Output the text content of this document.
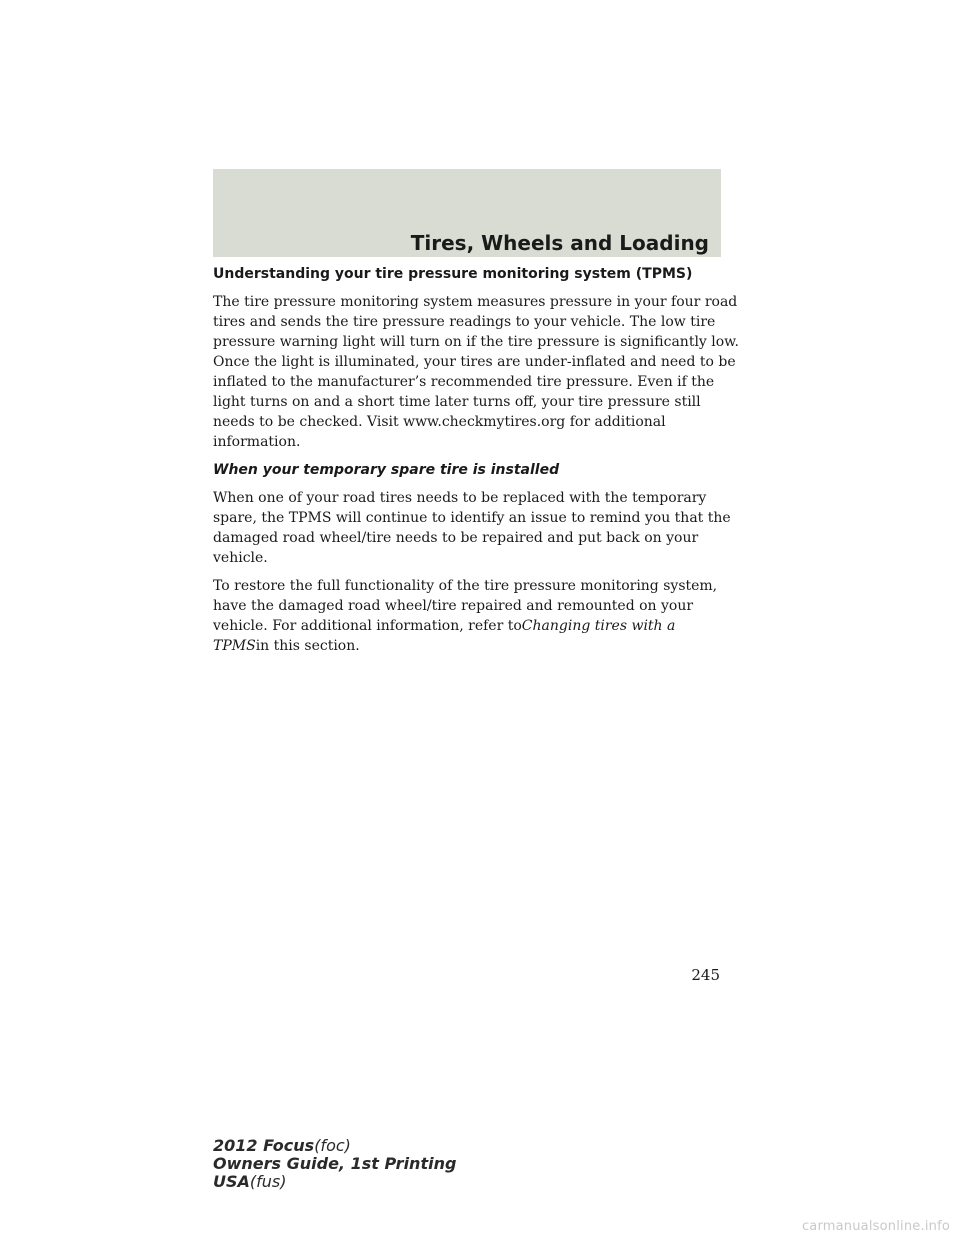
Tires, Wheels and Loading
Understanding your tire pressure monitoring system (TPMS)

The tire pressure monitoring system measures pressure in your four road
tires and sends the tire pressure readings to your vehicle. The low tire
pressure warning light will turn on if the tire pressure is significantly low.
Once the light is illuminated, your tires are under-inflated and need to be
inflated to the manufacturer’s recommended tire pressure. Even if the
light turns on and a short time later turns off, your tire pressure still
needs to be checked. Visit www.checkmytires.org for additional
information.

When your temporary spare tire is installed

When one of your road tires needs to be replaced with the temporary
spare, the TPMS will continue to identify an issue to remind you that the
damaged road wheel/tire needs to be repaired and put back on your
vehicle.

To restore the full functionality of the tire pressure monitoring system,
have the damaged road wheel/tire repaired and remounted on your
vehicle. For additional information, refer toChanging tires with a
TPMSin this section.

245

2012 Focus(foc)
Owners Guide, 1st Printing
USA(fus)
carmanualsonline.info
